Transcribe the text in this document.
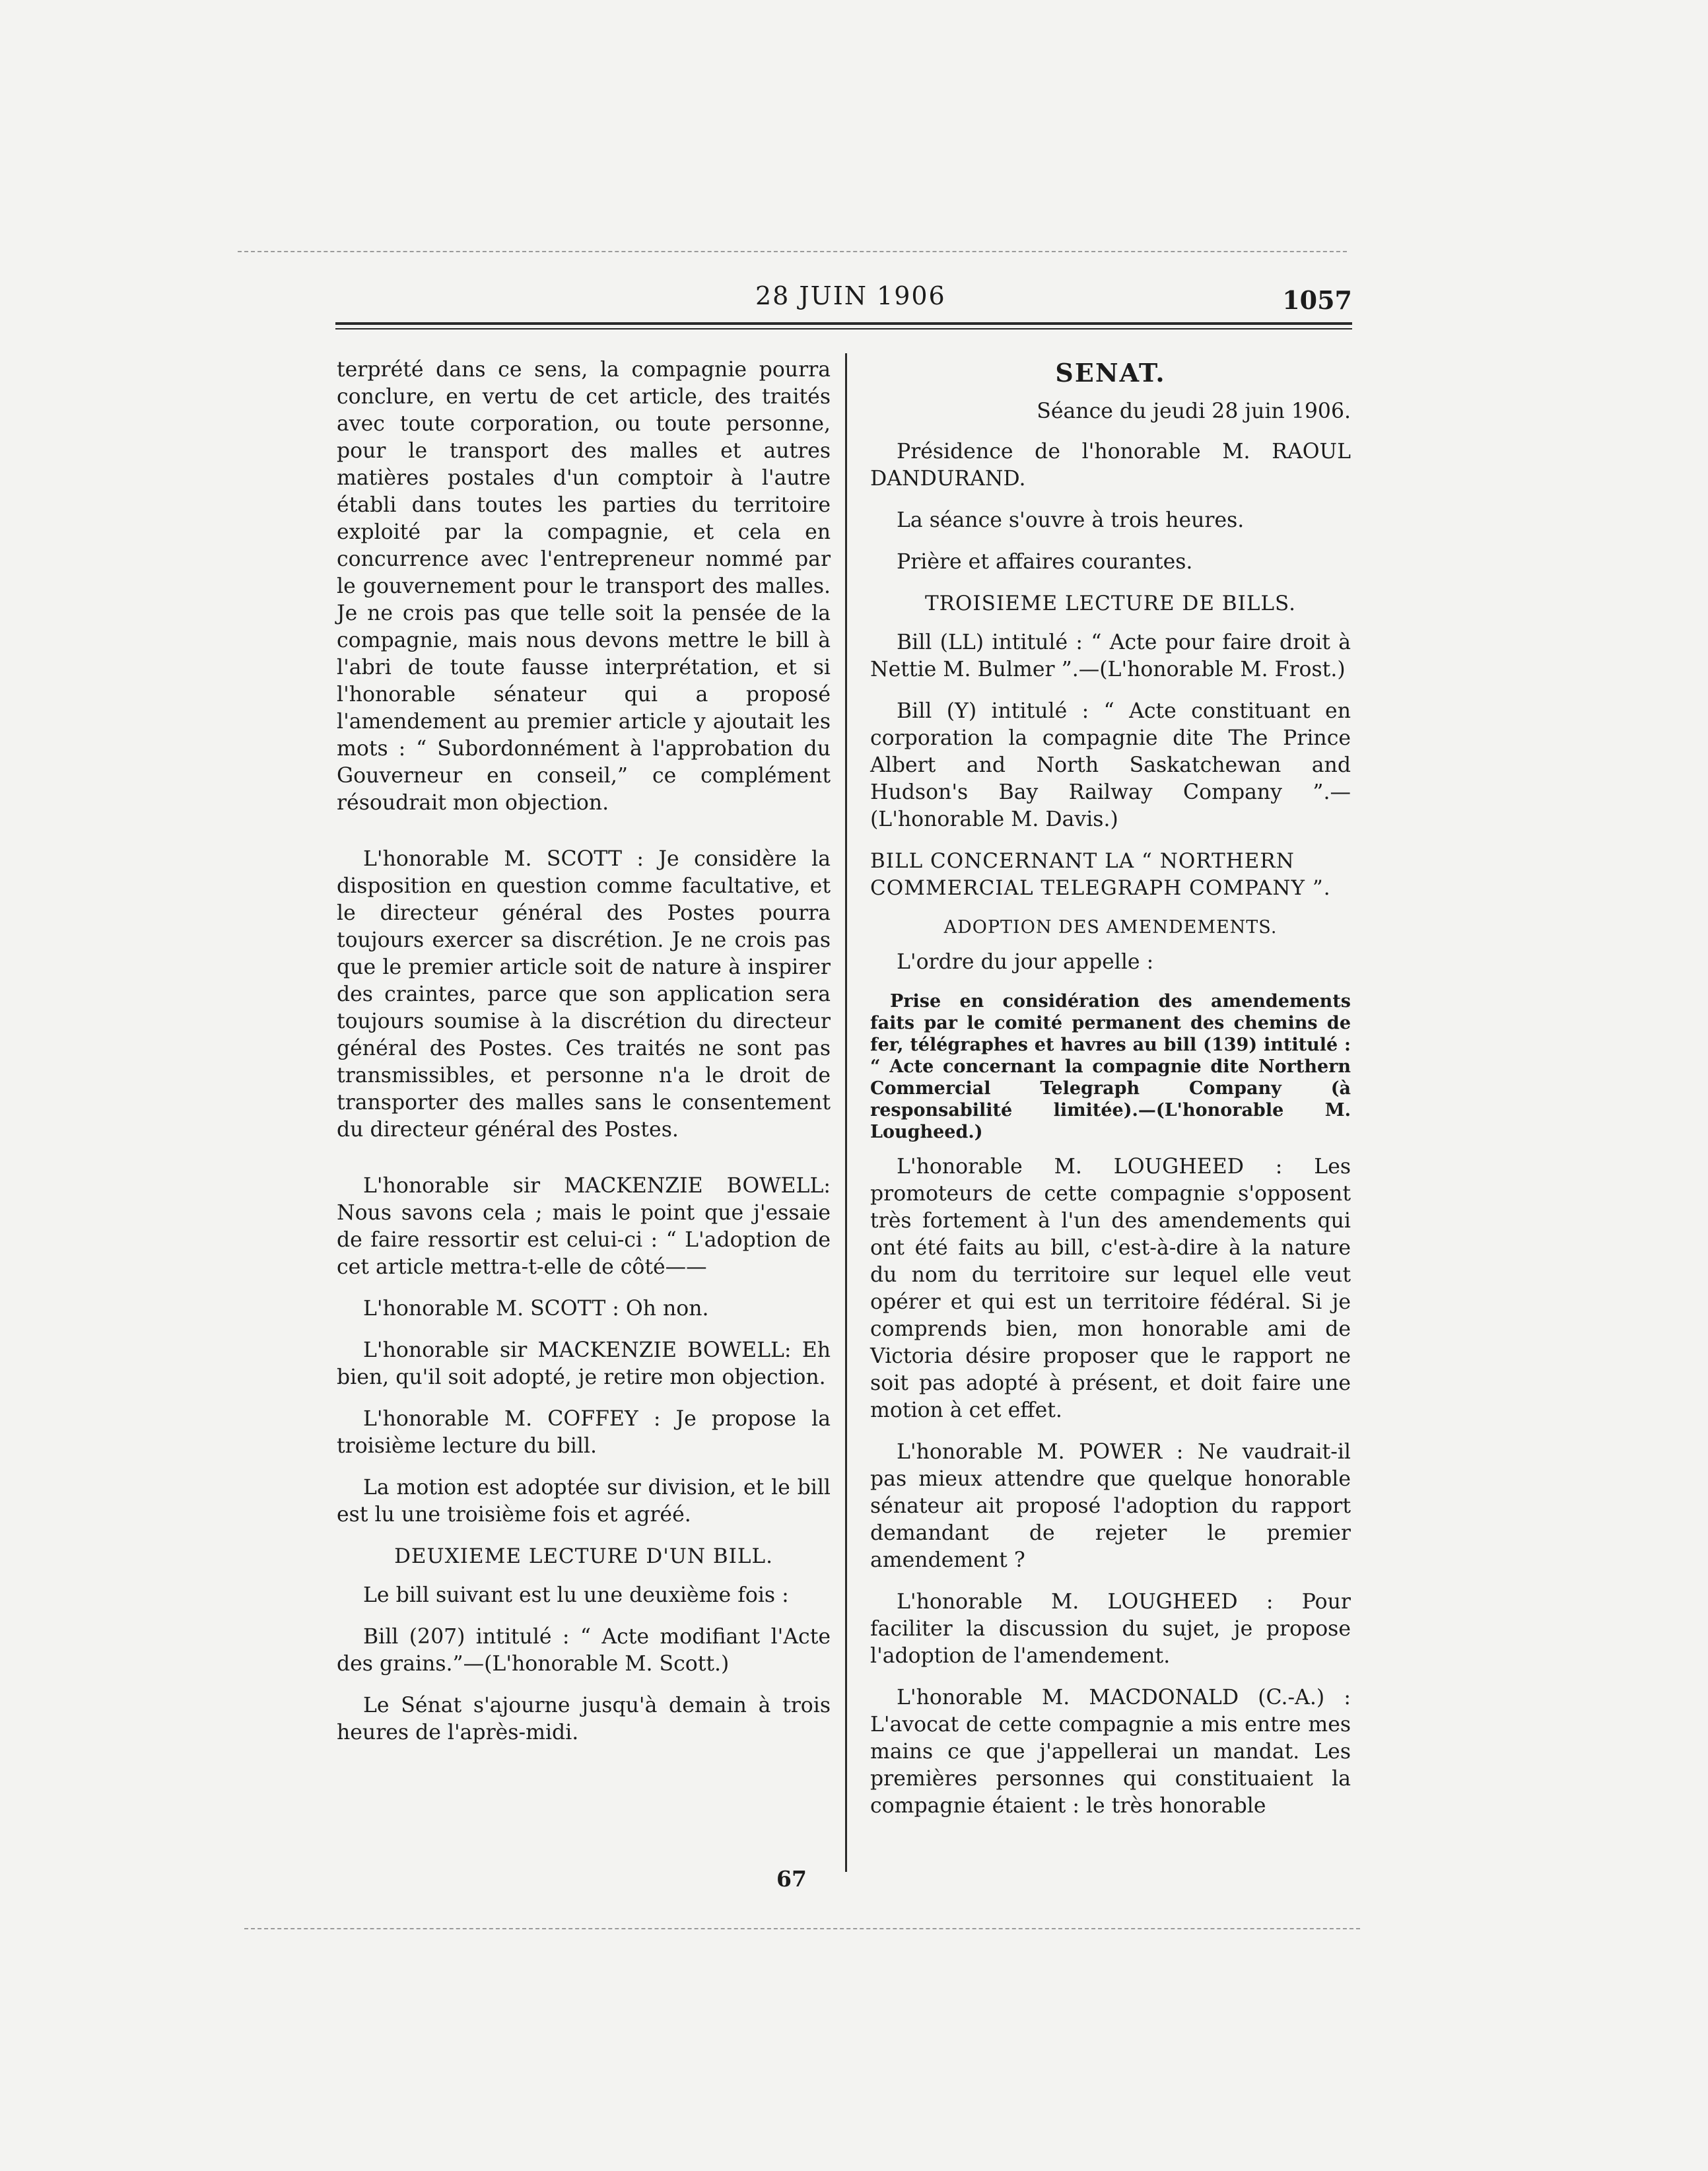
28 JUIN 1906	1057

terprété dans ce sens, la compagnie pourra conclure, en vertu de cet article, des traités avec toute corporation, ou toute personne, pour le transport des malles et autres matières postales d'un comptoir à l'autre établi dans toutes les parties du territoire exploité par la compagnie, et cela en concurrence avec l'entrepreneur nommé par le gouvernement pour le transport des malles. Je ne crois pas que telle soit la pensée de la compagnie, mais nous devons mettre le bill à l'abri de toute fausse interprétation, et si l'honorable sénateur qui a proposé l'amendement au premier article y ajoutait les mots : “ Subordonnément à l'approbation du Gouverneur en conseil,” ce complément résoudrait mon objection.

L'honorable M. SCOTT : Je considère la disposition en question comme facultative, et le directeur général des Postes pourra toujours exercer sa discrétion. Je ne crois pas que le premier article soit de nature à inspirer des craintes, parce que son application sera toujours soumise à la discrétion du directeur général des Postes. Ces traités ne sont pas transmissibles, et personne n'a le droit de transporter des malles sans le consentement du directeur général des Postes.

L'honorable sir MACKENZIE BOWELL: Nous savons cela ; mais le point que j'essaie de faire ressortir est celui-ci : “ L'adoption de cet article mettra-t-elle de côté——

L'honorable M. SCOTT : Oh non.

L'honorable sir MACKENZIE BOWELL: Eh bien, qu'il soit adopté, je retire mon objection.

L'honorable M. COFFEY : Je propose la troisième lecture du bill.

La motion est adoptée sur division, et le bill est lu une troisième fois et agréé.

DEUXIEME LECTURE D'UN BILL.

Le bill suivant est lu une deuxième fois :

Bill (207) intitulé : “ Acte modifiant l'Acte des grains.”—(L'honorable M. Scott.)

Le Sénat s'ajourne jusqu'à demain à trois heures de l'après-midi.

SENAT.

Séance du jeudi 28 juin 1906.

Présidence de l'honorable M. RAOUL DANDURAND.

La séance s'ouvre à trois heures.

Prière et affaires courantes.

TROISIEME LECTURE DE BILLS.

Bill (LL) intitulé : “ Acte pour faire droit à Nettie M. Bulmer ”.—(L'honorable M. Frost.)

Bill (Y) intitulé : “ Acte constituant en corporation la compagnie dite The Prince Albert and North Saskatchewan and Hudson's Bay Railway Company ”.—(L'honorable M. Davis.)

BILL CONCERNANT LA “ NORTHERN COMMERCIAL TELEGRAPH COMPANY ”.

ADOPTION DES AMENDEMENTS.

L'ordre du jour appelle :

Prise en considération des amendements faits par le comité permanent des chemins de fer, télégraphes et havres au bill (139) intitulé : “ Acte concernant la compagnie dite Northern Commercial Telegraph Company (à responsabilité limitée).—(L'honorable M. Lougheed.)

L'honorable M. LOUGHEED : Les promoteurs de cette compagnie s'opposent très fortement à l'un des amendements qui ont été faits au bill, c'est-à-dire à la nature du nom du territoire sur lequel elle veut opérer et qui est un territoire fédéral. Si je comprends bien, mon honorable ami de Victoria désire proposer que le rapport ne soit pas adopté à présent, et doit faire une motion à cet effet.

L'honorable M. POWER : Ne vaudrait-il pas mieux attendre que quelque honorable sénateur ait proposé l'adoption du rapport demandant de rejeter le premier amendement ?

L'honorable M. LOUGHEED : Pour faciliter la discussion du sujet, je propose l'adoption de l'amendement.

L'honorable M. MACDONALD (C.-A.) : L'avocat de cette compagnie a mis entre mes mains ce que j'appellerai un mandat. Les premières personnes qui constituaient la compagnie étaient : le très honorable

67
